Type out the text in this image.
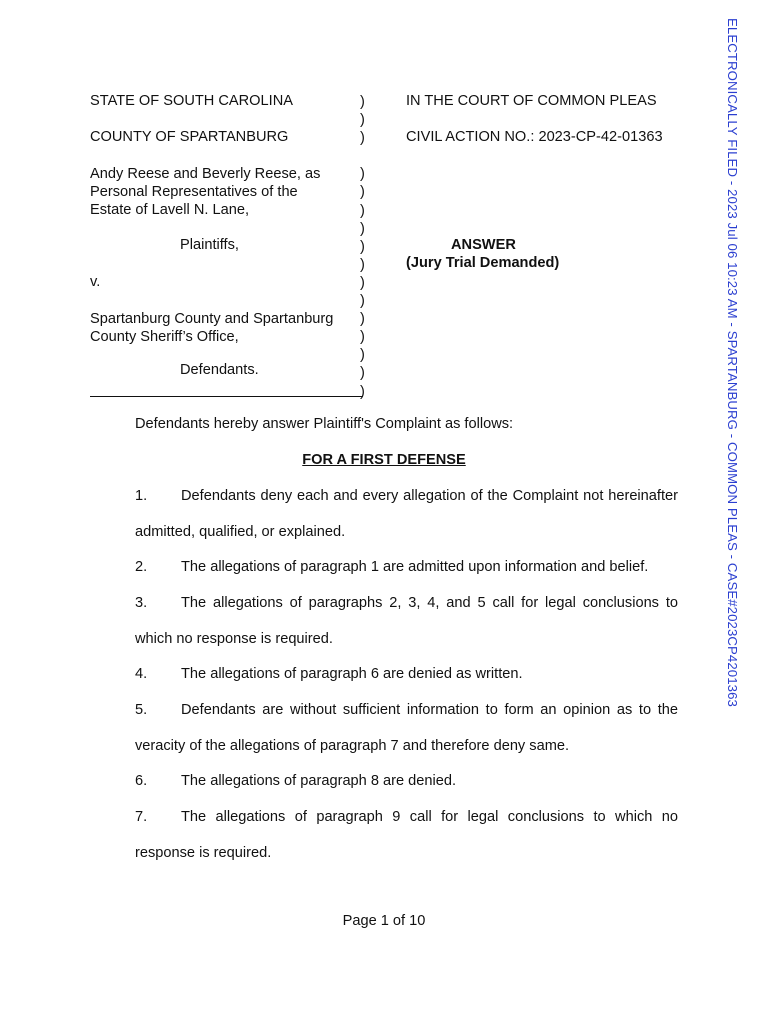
ELECTRONICALLY FILED - 2023 Jul 06 10:23 AM - SPARTANBURG - COMMON PLEAS - CASE#2023CP4201363
STATE OF SOUTH CAROLINA
COUNTY OF SPARTANBURG
Andy Reese and Beverly Reese, as
Personal Representatives of the
Estate of Lavell N. Lane,
Plaintiffs,
v.
Spartanburg County and Spartanburg
County Sheriff’s Office,
Defendants.
)
)
)

)
)
)
)
)
)
)
)
)
)
)
)
)
IN THE COURT OF COMMON PLEAS
CIVIL ACTION NO.: 2023-CP-42-01363
ANSWER
(Jury Trial Demanded)
Defendants hereby answer Plaintiff's Complaint as follows:
FOR A FIRST DEFENSE
1. Defendants deny each and every allegation of the Complaint not hereinafter admitted, qualified, or explained.
2. The allegations of paragraph 1 are admitted upon information and belief.
3. The allegations of paragraphs 2, 3, 4, and 5 call for legal conclusions to which no response is required.
4. The allegations of paragraph 6 are denied as written.
5. Defendants are without sufficient information to form an opinion as to the veracity of the allegations of paragraph 7 and therefore deny same.
6. The allegations of paragraph 8 are denied.
7. The allegations of paragraph 9 call for legal conclusions to which no response is required.
Page 1 of 10
